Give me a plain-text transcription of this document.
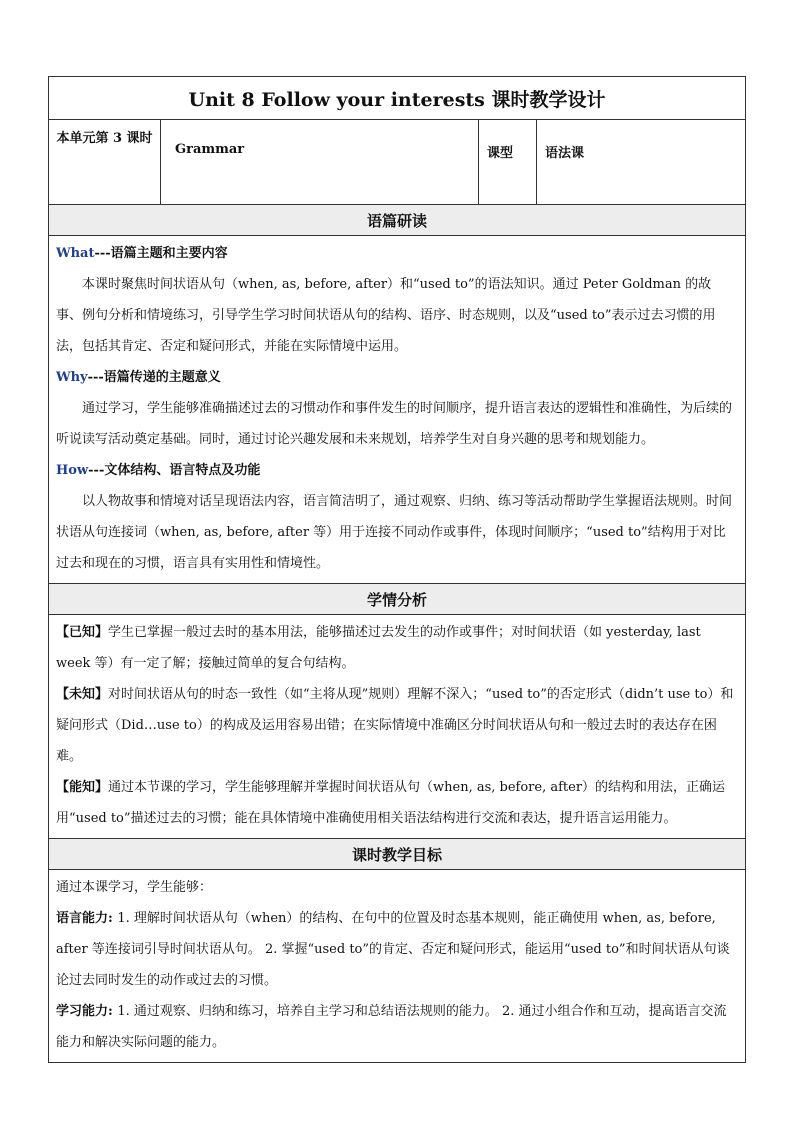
Unit 8 Follow your interests 课时教学设计
本单元第 3 课时	Grammar	课型	语法课
语篇研读

What---语篇主题和主要内容

本课时聚焦时间状语从句（when, as, before, after）和“used to”的语法知识。通过 Peter Goldman 的故事、例句分析和情境练习，引导学生学习时间状语从句的结构、语序、时态规则，以及“used to”表示过去习惯的用法，包括其肯定、否定和疑问形式，并能在实际情境中运用。

Why---语篇传递的主题意义

通过学习，学生能够准确描述过去的习惯动作和事件发生的时间顺序，提升语言表达的逻辑性和准确性，为后续的听说读写活动奠定基础。同时，通过讨论兴趣发展和未来规划，培养学生对自身兴趣的思考和规划能力。

How---文体结构、语言特点及功能

以人物故事和情境对话呈现语法内容，语言简洁明了，通过观察、归纳、练习等活动帮助学生掌握语法规则。时间状语从句连接词（when, as, before, after 等）用于连接不同动作或事件，体现时间顺序；“used to”结构用于对比过去和现在的习惯，语言具有实用性和情境性。

学情分析

【已知】学生已掌握一般过去时的基本用法，能够描述过去发生的动作或事件；对时间状语（如 yesterday, last week 等）有一定了解；接触过简单的复合句结构。

【未知】对时间状语从句的时态一致性（如“主将从现”规则）理解不深入；“used to”的否定形式（didn’t use to）和疑问形式（Did…use to）的构成及运用容易出错；在实际情境中准确区分时间状语从句和一般过去时的表达存在困难。

【能知】通过本节课的学习，学生能够理解并掌握时间状语从句（when, as, before, after）的结构和用法，正确运用“used to”描述过去的习惯；能在具体情境中准确使用相关语法结构进行交流和表达，提升语言运用能力。

课时教学目标

通过本课学习，学生能够：

语言能力: 1. 理解时间状语从句（when）的结构、在句中的位置及时态基本规则，能正确使用 when, as, before, after 等连接词引导时间状语从句。 2. 掌握“used to”的肯定、否定和疑问形式，能运用“used to”和时间状语从句谈论过去同时发生的动作或过去的习惯。

学习能力: 1. 通过观察、归纳和练习，培养自主学习和总结语法规则的能力。 2. 通过小组合作和互动，提高语言交流能力和解决实际问题的能力。
